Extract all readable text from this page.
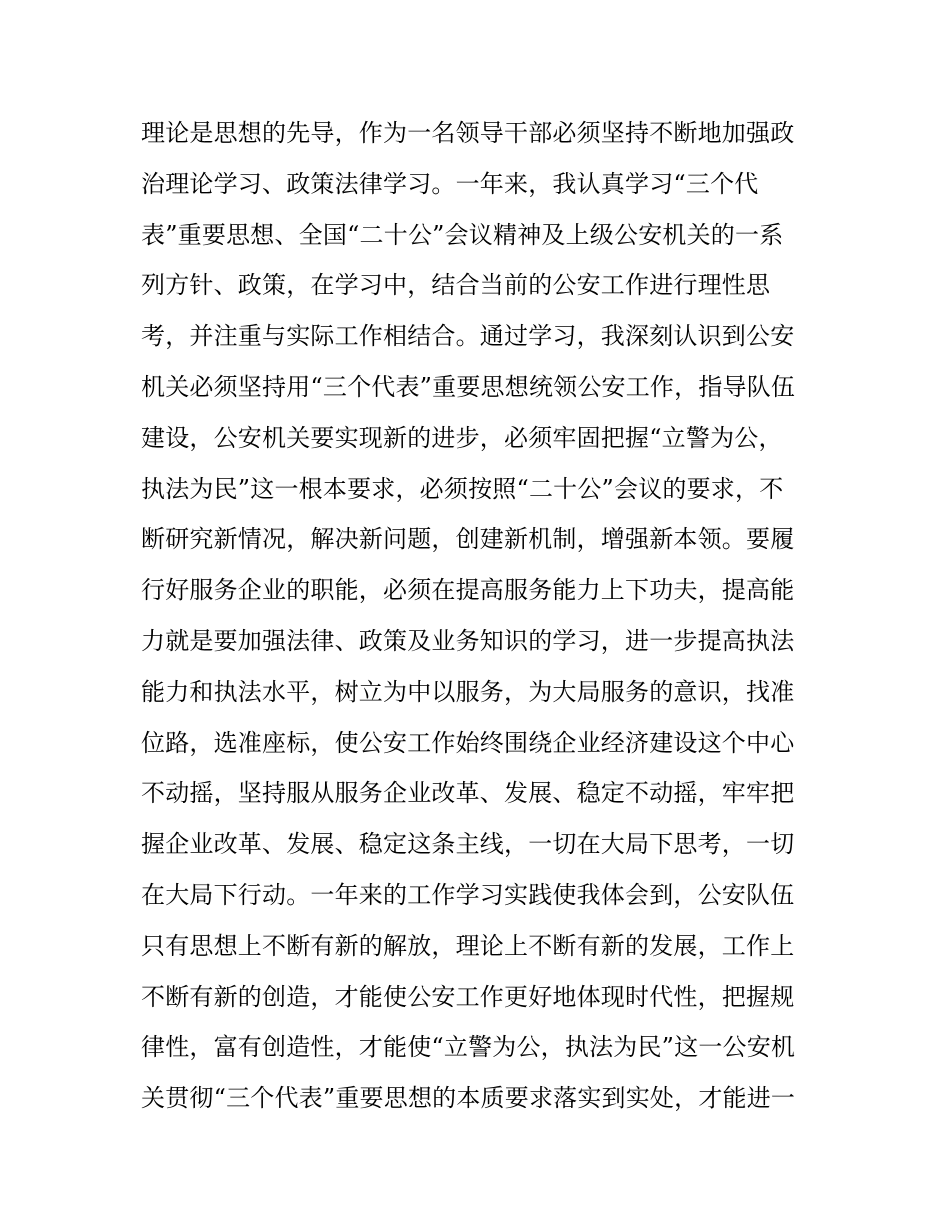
理论是思想的先导，作为一名领导干部必须坚持不断地加强政
治理论学习、政策法律学习。一年来，我认真学习“三个代
表”重要思想、全国“二十公”会议精神及上级公安机关的一系
列方针、政策，在学习中，结合当前的公安工作进行理性思
考，并注重与实际工作相结合。通过学习，我深刻认识到公安
机关必须坚持用“三个代表”重要思想统领公安工作，指导队伍
建设，公安机关要实现新的进步，必须牢固把握“立警为公，
执法为民”这一根本要求，必须按照“二十公”会议的要求，不
断研究新情况，解决新问题，创建新机制，增强新本领。要履
行好服务企业的职能，必须在提高服务能力上下功夫，提高能
力就是要加强法律、政策及业务知识的学习，进一步提高执法
能力和执法水平，树立为中以服务，为大局服务的意识，找准
位路，选准座标，使公安工作始终围绕企业经济建设这个中心
不动摇，坚持服从服务企业改革、发展、稳定不动摇，牢牢把
握企业改革、发展、稳定这条主线，一切在大局下思考，一切
在大局下行动。一年来的工作学习实践使我体会到，公安队伍
只有思想上不断有新的解放，理论上不断有新的发展，工作上
不断有新的创造，才能使公安工作更好地体现时代性，把握规
律性，富有创造性，才能使“立警为公，执法为民”这一公安机
关贯彻“三个代表”重要思想的本质要求落实到实处，才能进一
